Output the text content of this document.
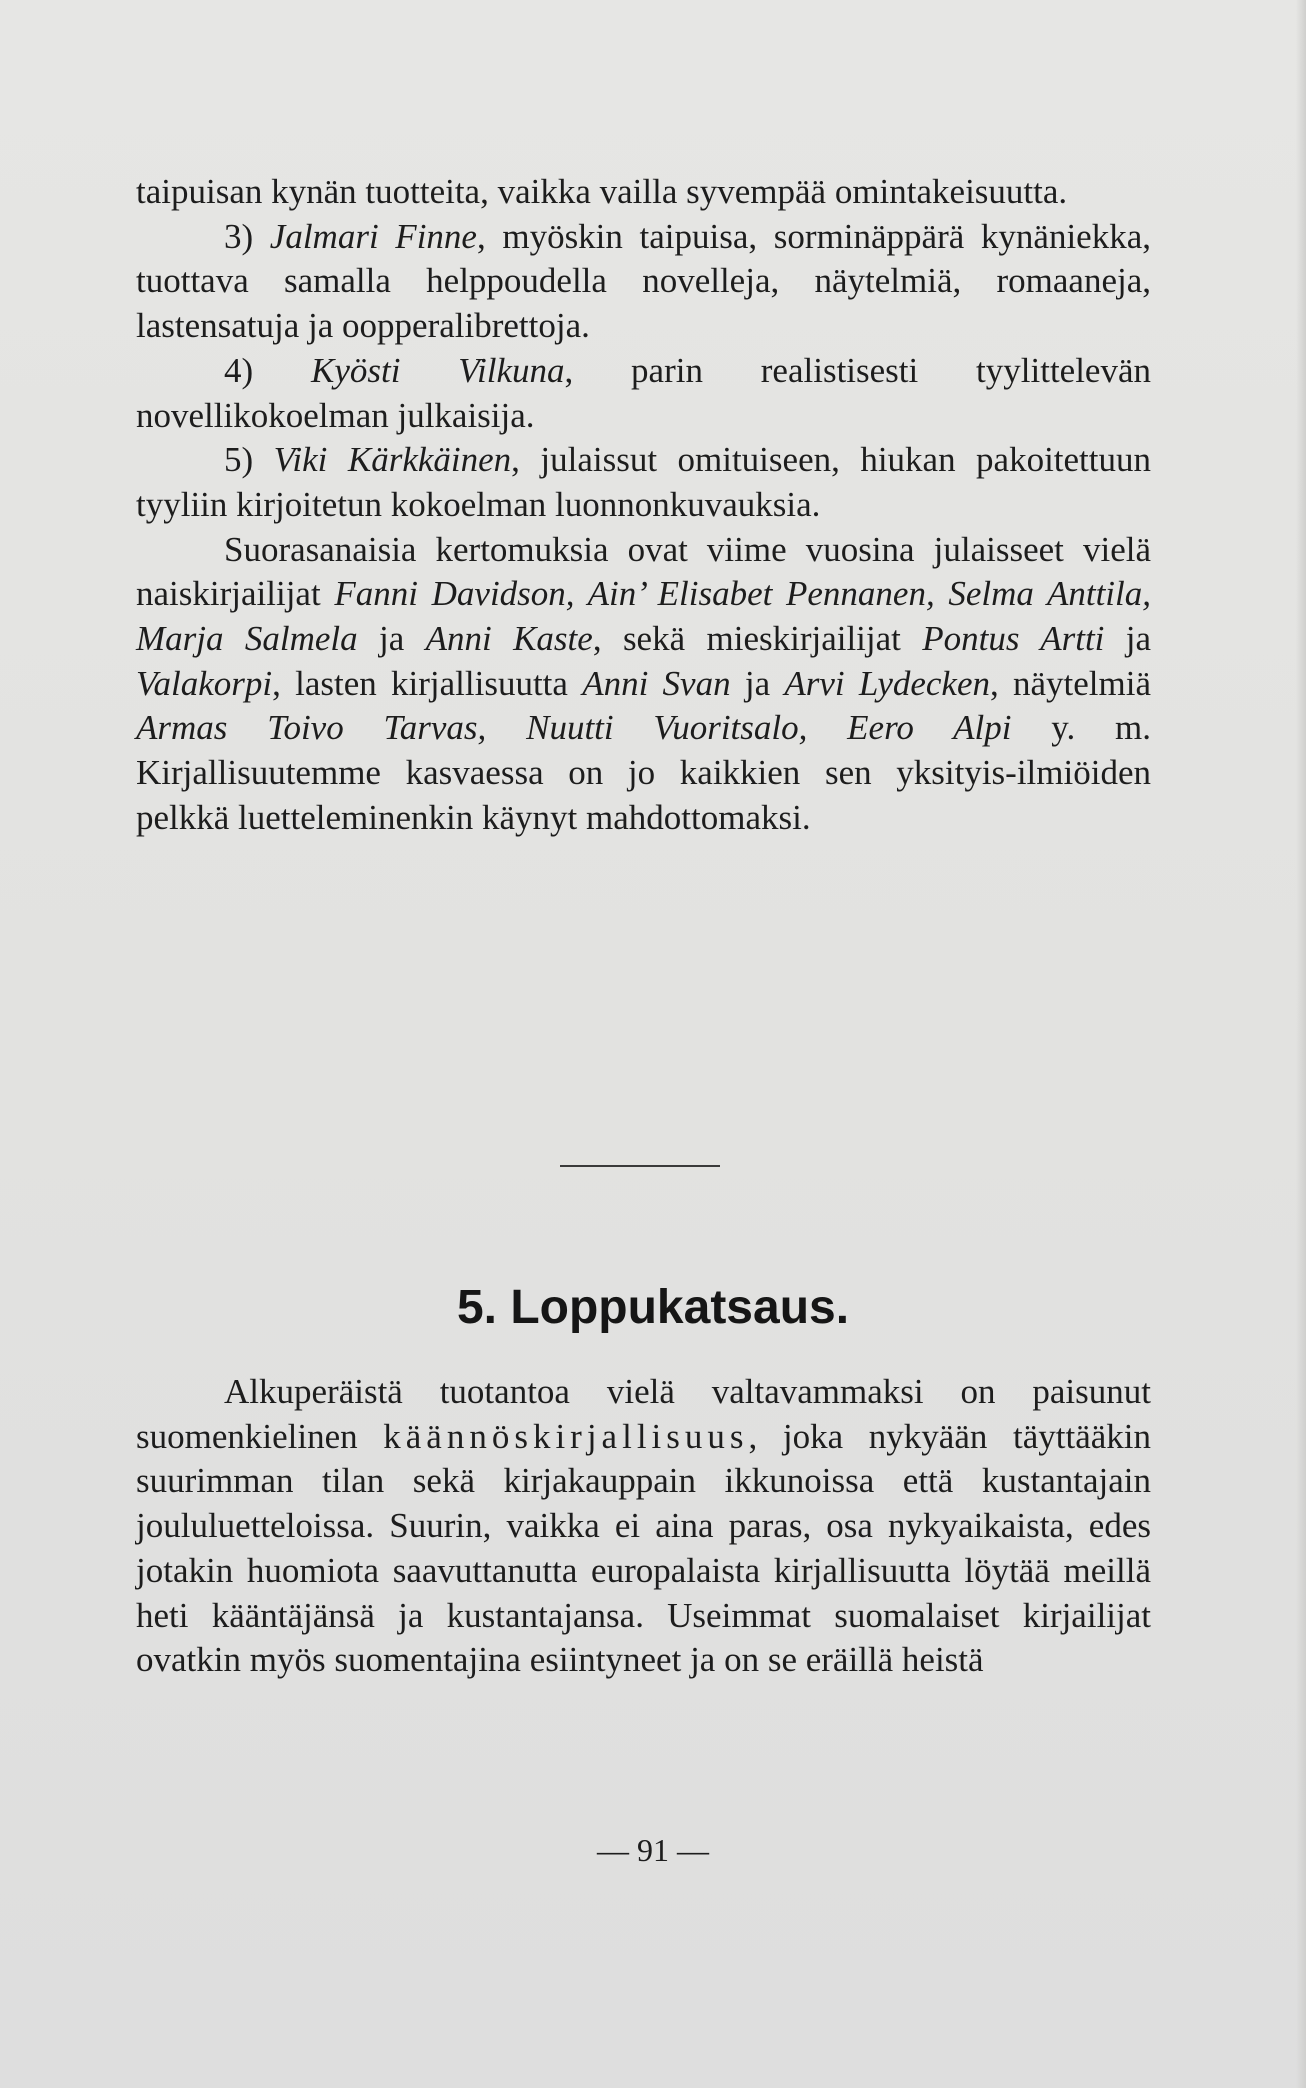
taipuisan kynän tuotteita, vaikka vailla syvempää omintakeisuutta.

3) Jalmari Finne, myöskin taipuisa, sorminäppärä kynäniekka, tuottava samalla helppoudella novelleja, näytelmiä, romaaneja, lastensatuja ja oopperalibrettoja.

4) Kyösti Vilkuna, parin realistisesti tyylittelevän novellikokoelman julkaisija.

5) Viki Kärkkäinen, julaissut omituiseen, hiukan pakoitettuun tyyliin kirjoitetun kokoelman luonnonkuvauksia.

Suorasanaisia kertomuksia ovat viime vuosina julaisseet vielä naiskirjailijat Fanni Davidson, Ain’ Elisabet Pennanen, Selma Anttila, Marja Salmela ja Anni Kaste, sekä mieskirjailijat Pontus Artti ja Valakorpi, lasten kirjallisuutta Anni Svan ja Arvi Lydecken, näytelmiä Armas Toivo Tarvas, Nuutti Vuoritsalo, Eero Alpi y. m. Kirjallisuutemme kasvaessa on jo kaikkien sen yksityis-ilmiöiden pelkkä luetteleminenkin käynyt mahdottomaksi.

5. Loppukatsaus.

Alkuperäistä tuotantoa vielä valtavammaksi on paisunut suomenkielinen käännöskirjallisuus, joka nykyään täyttääkin suurimman tilan sekä kirjakauppain ikkunoissa että kustantajain joululuetteloissa. Suurin, vaikka ei aina paras, osa nykyaikaista, edes jotakin huomiota saavuttanutta europalaista kirjallisuutta löytää meillä heti kääntäjänsä ja kustantajansa. Useimmat suomalaiset kirjailijat ovatkin myös suomentajina esiintyneet ja on se eräillä heistä

— 91 —
